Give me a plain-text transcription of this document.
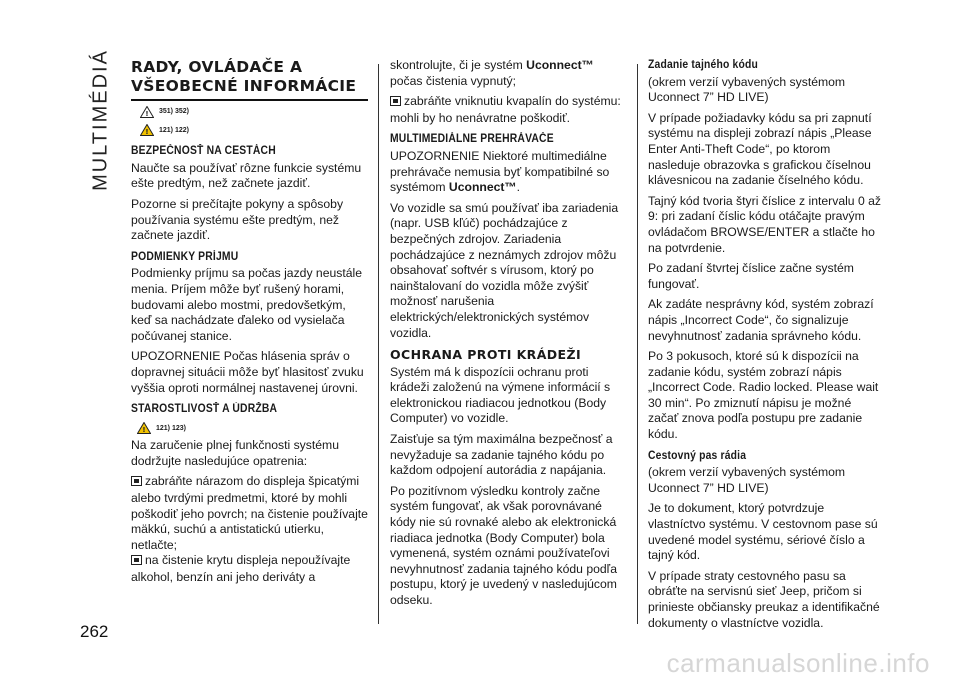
MULTIMÉDIÁ
262
RADY, OVLÁDAČE A
VŠEOBECNÉ INFORMÁCIE
! 351) 352)
! 121) 122)
BEZPEČNOSŤ NA CESTÁCH

Naučte sa používať rôzne funkcie systému ešte predtým, než začnete jazdiť.

Pozorne si prečítajte pokyny a spôsoby používania systému ešte predtým, než začnete jazdiť.

PODMIENKY PRÍJMU

Podmienky príjmu sa počas jazdy neustále menia. Príjem môže byť rušený horami, budovami alebo mostmi, predovšetkým, keď sa nachádzate ďaleko od vysielača počúvanej stanice.

UPOZORNENIE Počas hlásenia správ o dopravnej situácii môže byť hlasitosť zvuku vyššia oproti normálnej nastavenej úrovni.

STAROSTLIVOSŤ A ÚDRŽBA
! 121) 123)

Na zaručenie plnej funkčnosti systému dodržujte nasledujúce opatrenia:

zabráňte nárazom do displeja špicatými alebo tvrdými predmetmi, ktoré by mohli poškodiť jeho povrch; na čistenie používajte mäkkú, suchú a antistatickú utierku, netlačte;
na čistenie krytu displeja nepoužívajte alkohol, benzín ani jeho deriváty a

skontrolujte, či je systém Uconnect™ počas čistenia vypnutý;

zabráňte vniknutiu kvapalín do systému: mohli by ho nenávratne poškodiť.
MULTIMEDIÁLNE PREHRÁVAČE

UPOZORNENIE Niektoré multimediálne prehrávače nemusia byť kompatibilné so systémom Uconnect™.

Vo vozidle sa smú používať iba zariadenia (napr. USB kľúč) pochádzajúce z bezpečných zdrojov. Zariadenia pochádzajúce z neznámych zdrojov môžu obsahovať softvér s vírusom, ktorý po nainštalovaní do vozidla môže zvýšiť možnosť narušenia elektrických/elektronických systémov vozidla.

OCHRANA PROTI KRÁDEŽI

Systém má k dispozícii ochranu proti krádeži založenú na výmene informácií s elektronickou riadiacou jednotkou (Body Computer) vo vozidle.

Zaisťuje sa tým maximálna bezpečnosť a nevyžaduje sa zadanie tajného kódu po každom odpojení autorádia z napájania.

Po pozitívnom výsledku kontroly začne systém fungovať, ak však porovnávané kódy nie sú rovnaké alebo ak elektronická riadiaca jednotka (Body Computer) bola vymenená, systém oznámi používateľovi nevyhnutnosť zadania tajného kódu podľa postupu, ktorý je uvedený v nasledujúcom odseku.

Zadanie tajného kódu

(okrem verzií vybavených systémom Uconnect 7” HD LIVE)

V prípade požiadavky kódu sa pri zapnutí systému na displeji zobrazí nápis „Please Enter Anti-Theft Code“, po ktorom nasleduje obrazovka s grafickou číselnou klávesnicou na zadanie číselného kódu.

Tajný kód tvoria štyri číslice z intervalu 0 až 9: pri zadaní číslic kódu otáčajte pravým ovládačom BROWSE/ENTER a stlačte ho na potvrdenie.

Po zadaní štvrtej číslice začne systém fungovať.

Ak zadáte nesprávny kód, systém zobrazí nápis „Incorrect Code“, čo signalizuje nevyhnutnosť zadania správneho kódu.

Po 3 pokusoch, ktoré sú k dispozícii na zadanie kódu, systém zobrazí nápis „Incorrect Code. Radio locked. Please wait 30 min“. Po zmiznutí nápisu je možné začať znova podľa postupu pre zadanie kódu.

Cestovný pas rádia

(okrem verzií vybavených systémom Uconnect 7” HD LIVE)

Je to dokument, ktorý potvrdzuje vlastníctvo systému. V cestovnom pase sú uvedené model systému, sériové číslo a tajný kód.

V prípade straty cestovného pasu sa obráťte na servisnú sieť Jeep, pričom si prinieste občiansky preukaz a identifikačné dokumenty o vlastníctve vozidla.

carmanualsonline.info
